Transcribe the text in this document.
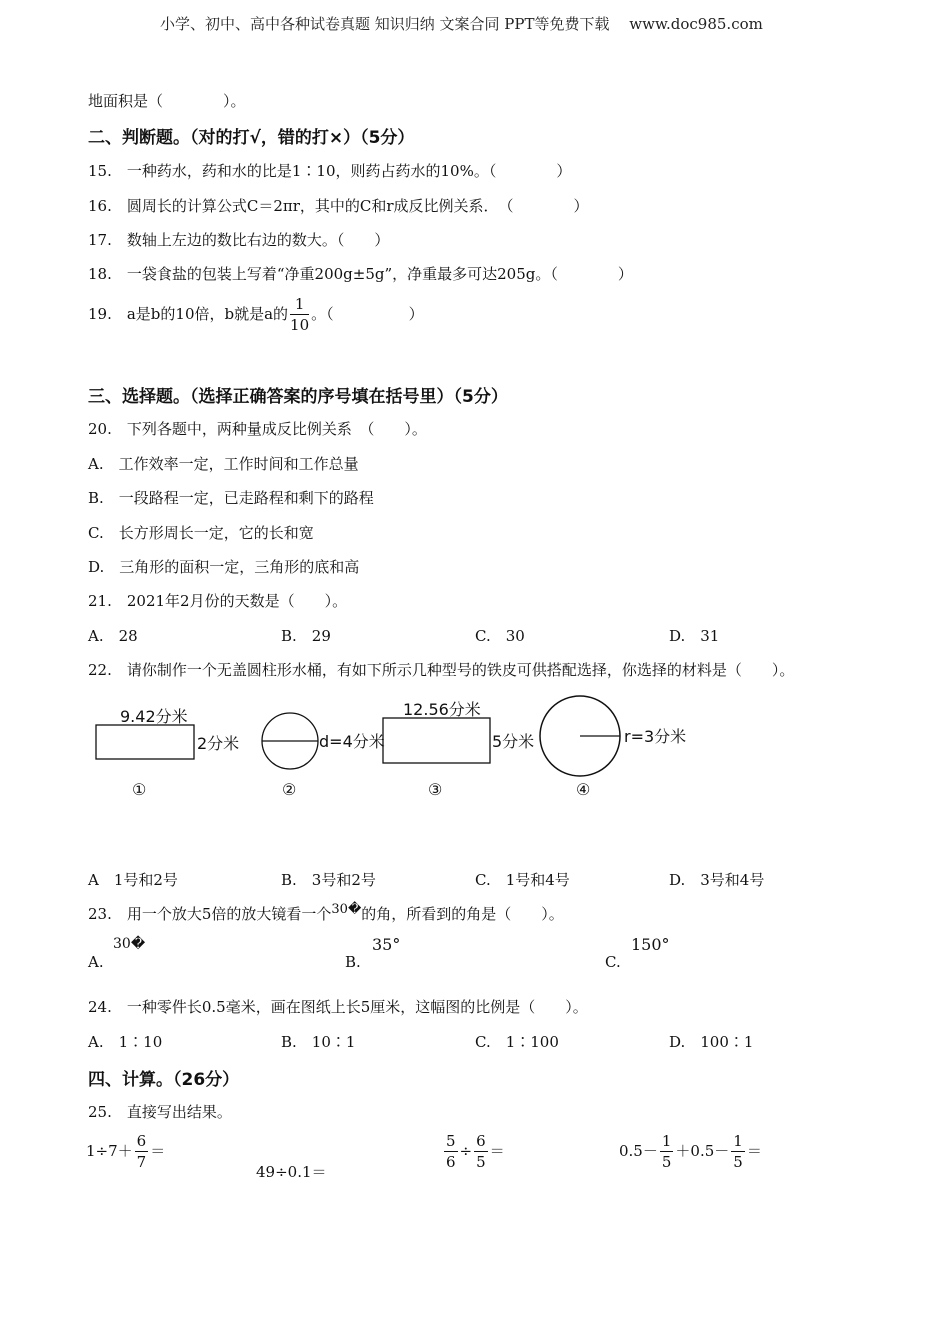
小学、初中、高中各种试卷真题 知识归纳 文案合同 PPT等免费下载　 www.doc985.com
地面积是（　　　　）。
二、判断题。（对的打√，错的打×）（5分）
15.　一种药水，药和水的比是1∶10，则药占药水的10%。（　　　　）
16.　圆周长的计算公式C＝2πr，其中的C和r成反比例关系．　（　　　　）
17.　数轴上左边的数比右边的数大。（　　）
18.　一袋食盐的包装上写着“净重200g±5g”，净重最多可达205g。（　　　　）
19.　a是b的10倍，b就是a的 $\frac{1}{10}$ 。（　　　　　）
三、选择题。（选择正确答案的序号填在括号里）（5分）
20.　下列各题中，两种量成反比例关系　（　　）。
A.　工作效率一定，工作时间和工作总量
B.　一段路程一定，已走路程和剩下的路程
C.　长方形周长一定，它的长和宽
D.　三角形的面积一定，三角形的底和高
21.　2021年2月份的天数是（　　）。
A.　28	B.　29	C.　30	D.　31
22.　请你制作一个无盖圆柱形水桶，有如下所示几种型号的铁皮可供搭配选择，你选择的材料是（　　）。
9.42分米
2分米	d=4分米
12.56分米
5分米	r=3分米
①	②	③	④
A　1号和2号	B.　3号和2号	C.　1号和4号	D.　3号和4号
23.　用一个放大5倍的放大镜看一个30�的角，所看到的角是（　　）。
A.
30�
B.
35°
C.
150°
24.　一种零件长0.5毫米，画在图纸上长5厘米，这幅图的比例是（　　）。
A.　1∶10	B.　10∶1	C.　1∶100	D.　100∶1
四、计算。（26分）
25.　直接写出结果。
$1\div 7+ \frac{6}{7}$ ＝
49÷0.1＝
$\frac{5}{6} \div \frac{6}{5}$ ＝	$0.5- \frac{1}{5} +0.5- \frac{1}{5}$ ＝
